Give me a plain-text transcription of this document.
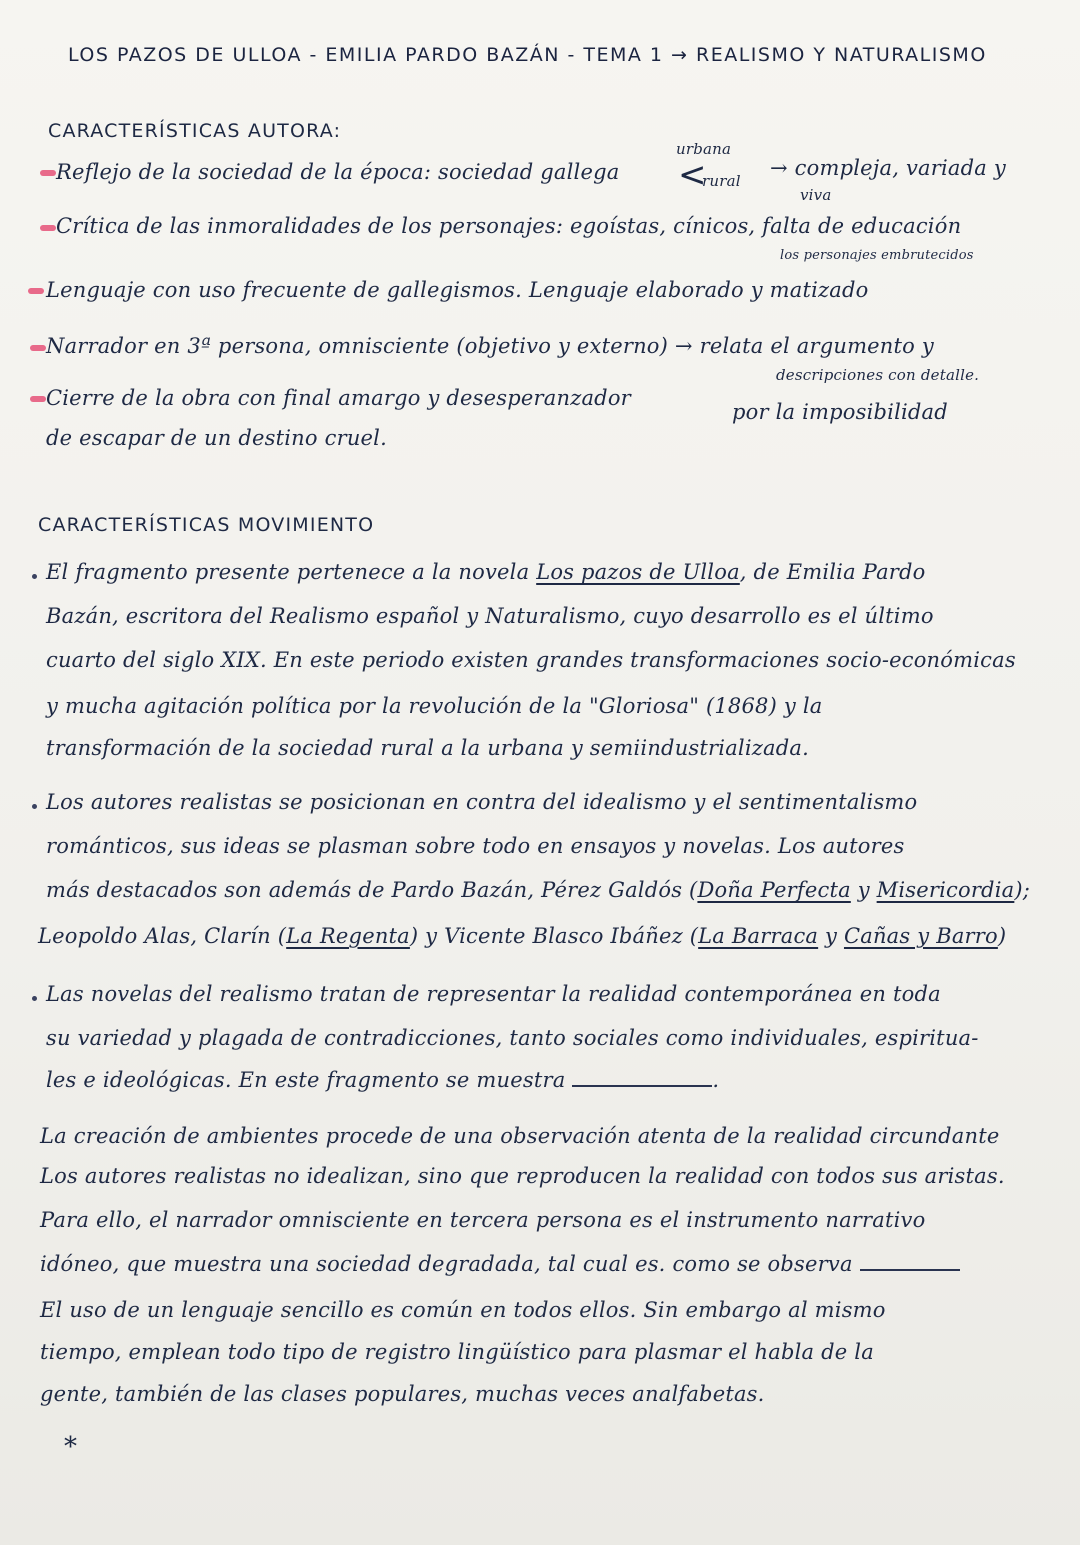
LOS PAZOS DE ULLOA - EMILIA PARDO BAZÁN - TEMA 1 → REALISMO Y NATURALISMO
CARACTERÍSTICAS AUTORA:
Reflejo de la sociedad de la época: sociedad gallega <
urbana
rural
→ compleja, variada y
viva
Crítica de las inmoralidades de los personajes: egoístas, cínicos, falta de educación
los personajes embrutecidos
Lenguaje con uso frecuente de gallegismos. Lenguaje elaborado y matizado
Narrador en 3ª persona, omnisciente (objetivo y externo) → relata el argumento y
descripciones con detalle.
Cierre de la obra con final amargo y desesperanzador
por la imposibilidad
de escapar de un destino cruel.
CARACTERÍSTICAS MOVIMIENTO
El fragmento presente pertenece a la novela Los pazos de Ulloa, de Emilia Pardo
Bazán, escritora del Realismo español y Naturalismo, cuyo desarrollo es el último
cuarto del siglo XIX. En este periodo existen grandes transformaciones socio-económicas
y mucha agitación política por la revolución de la "Gloriosa" (1868) y la
transformación de la sociedad rural a la urbana y semiindustrializada.
Los autores realistas se posicionan en contra del idealismo y el sentimentalismo
románticos, sus ideas se plasman sobre todo en ensayos y novelas. Los autores
más destacados son además de Pardo Bazán, Pérez Galdós (Doña Perfecta y Misericordia);
Leopoldo Alas, Clarín (La Regenta) y Vicente Blasco Ibáñez (La Barraca y Cañas y Barro)
Las novelas del realismo tratan de representar la realidad contemporánea en toda
su variedad y plagada de contradicciones, tanto sociales como individuales, espiritua-
les e ideológicas. En este fragmento se muestra	.
La creación de ambientes procede de una observación atenta de la realidad circundante
Los autores realistas no idealizan, sino que reproducen la realidad con todos sus aristas.
Para ello, el narrador omnisciente en tercera persona es el instrumento narrativo
idóneo, que muestra una sociedad degradada, tal cual es. como se observa
El uso de un lenguaje sencillo es común en todos ellos. Sin embargo al mismo
tiempo, emplean todo tipo de registro lingüístico para plasmar el habla de la
gente, también de las clases populares, muchas veces analfabetas.
*
